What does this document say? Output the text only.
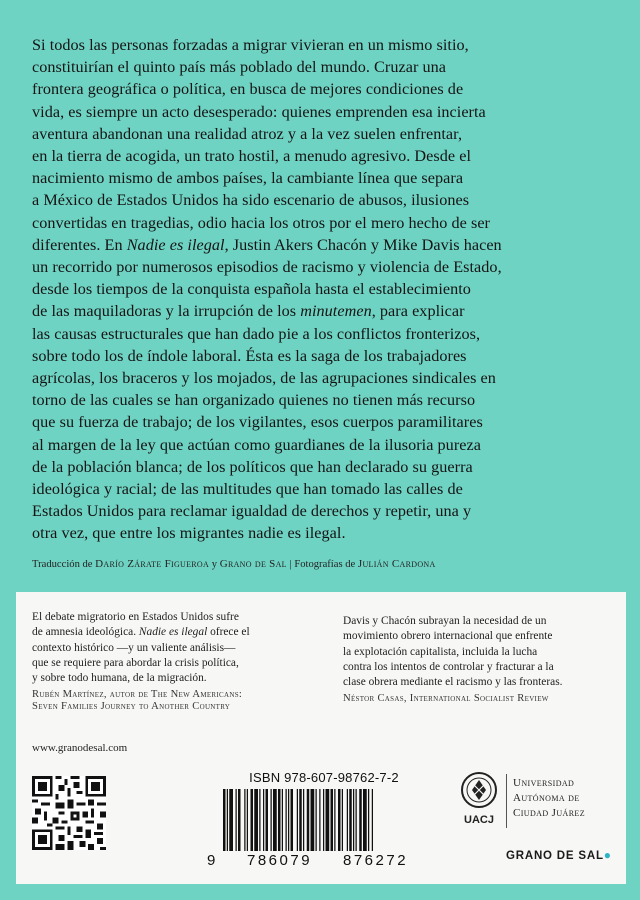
Si todos las personas forzadas a migrar vivieran en un mismo sitio,
constituirían el quinto país más poblado del mundo. Cruzar una
frontera geográfica o política, en busca de mejores condiciones de
vida, es siempre un acto desesperado: quienes emprenden esa incierta
aventura abandonan una realidad atroz y a la vez suelen enfrentar,
en la tierra de acogida, un trato hostil, a menudo agresivo. Desde el
nacimiento mismo de ambos países, la cambiante línea que separa
a México de Estados Unidos ha sido escenario de abusos, ilusiones
convertidas en tragedias, odio hacia los otros por el mero hecho de ser
diferentes. En Nadie es ilegal, Justin Akers Chacón y Mike Davis hacen
un recorrido por numerosos episodios de racismo y violencia de Estado,
desde los tiempos de la conquista española hasta el establecimiento
de las maquiladoras y la irrupción de los minutemen, para explicar
las causas estructurales que han dado pie a los conflictos fronterizos,
sobre todo los de índole laboral. Ésta es la saga de los trabajadores
agrícolas, los braceros y los mojados, de las agrupaciones sindicales en
torno de las cuales se han organizado quienes no tienen más recurso
que su fuerza de trabajo; de los vigilantes, esos cuerpos paramilitares
al margen de la ley que actúan como guardianes de la ilusoria pureza
de la población blanca; de los políticos que han declarado su guerra
ideológica y racial; de las multitudes que han tomado las calles de
Estados Unidos para reclamar igualdad de derechos y repetir, una y
otra vez, que entre los migrantes nadie es ilegal.
Traducción de Darío Zárate Figueroa y Grano de Sal | Fotografías de Julián Cardona
El debate migratorio en Estados Unidos sufre
de amnesia ideológica. Nadie es ilegal ofrece el
contexto histórico —y un valiente análisis—
que se requiere para abordar la crisis política,
y sobre todo humana, de la migración.
Rubén Martínez, autor de The New Americans:
Seven Families Journey to Another Country
Davis y Chacón subrayan la necesidad de un
movimiento obrero internacional que enfrente
la explotación capitalista, incluida la lucha
contra los intentos de controlar y fracturar a la
clase obrera mediante el racismo y las fronteras.
Néstor Casas, International Socialist Review
www.granodesal.com
ISBN 978-607-98762-7-2
9 786079 876272
UACJ
Universidad
Autónoma de
Ciudad Juárez
GRANO DE SAL●
